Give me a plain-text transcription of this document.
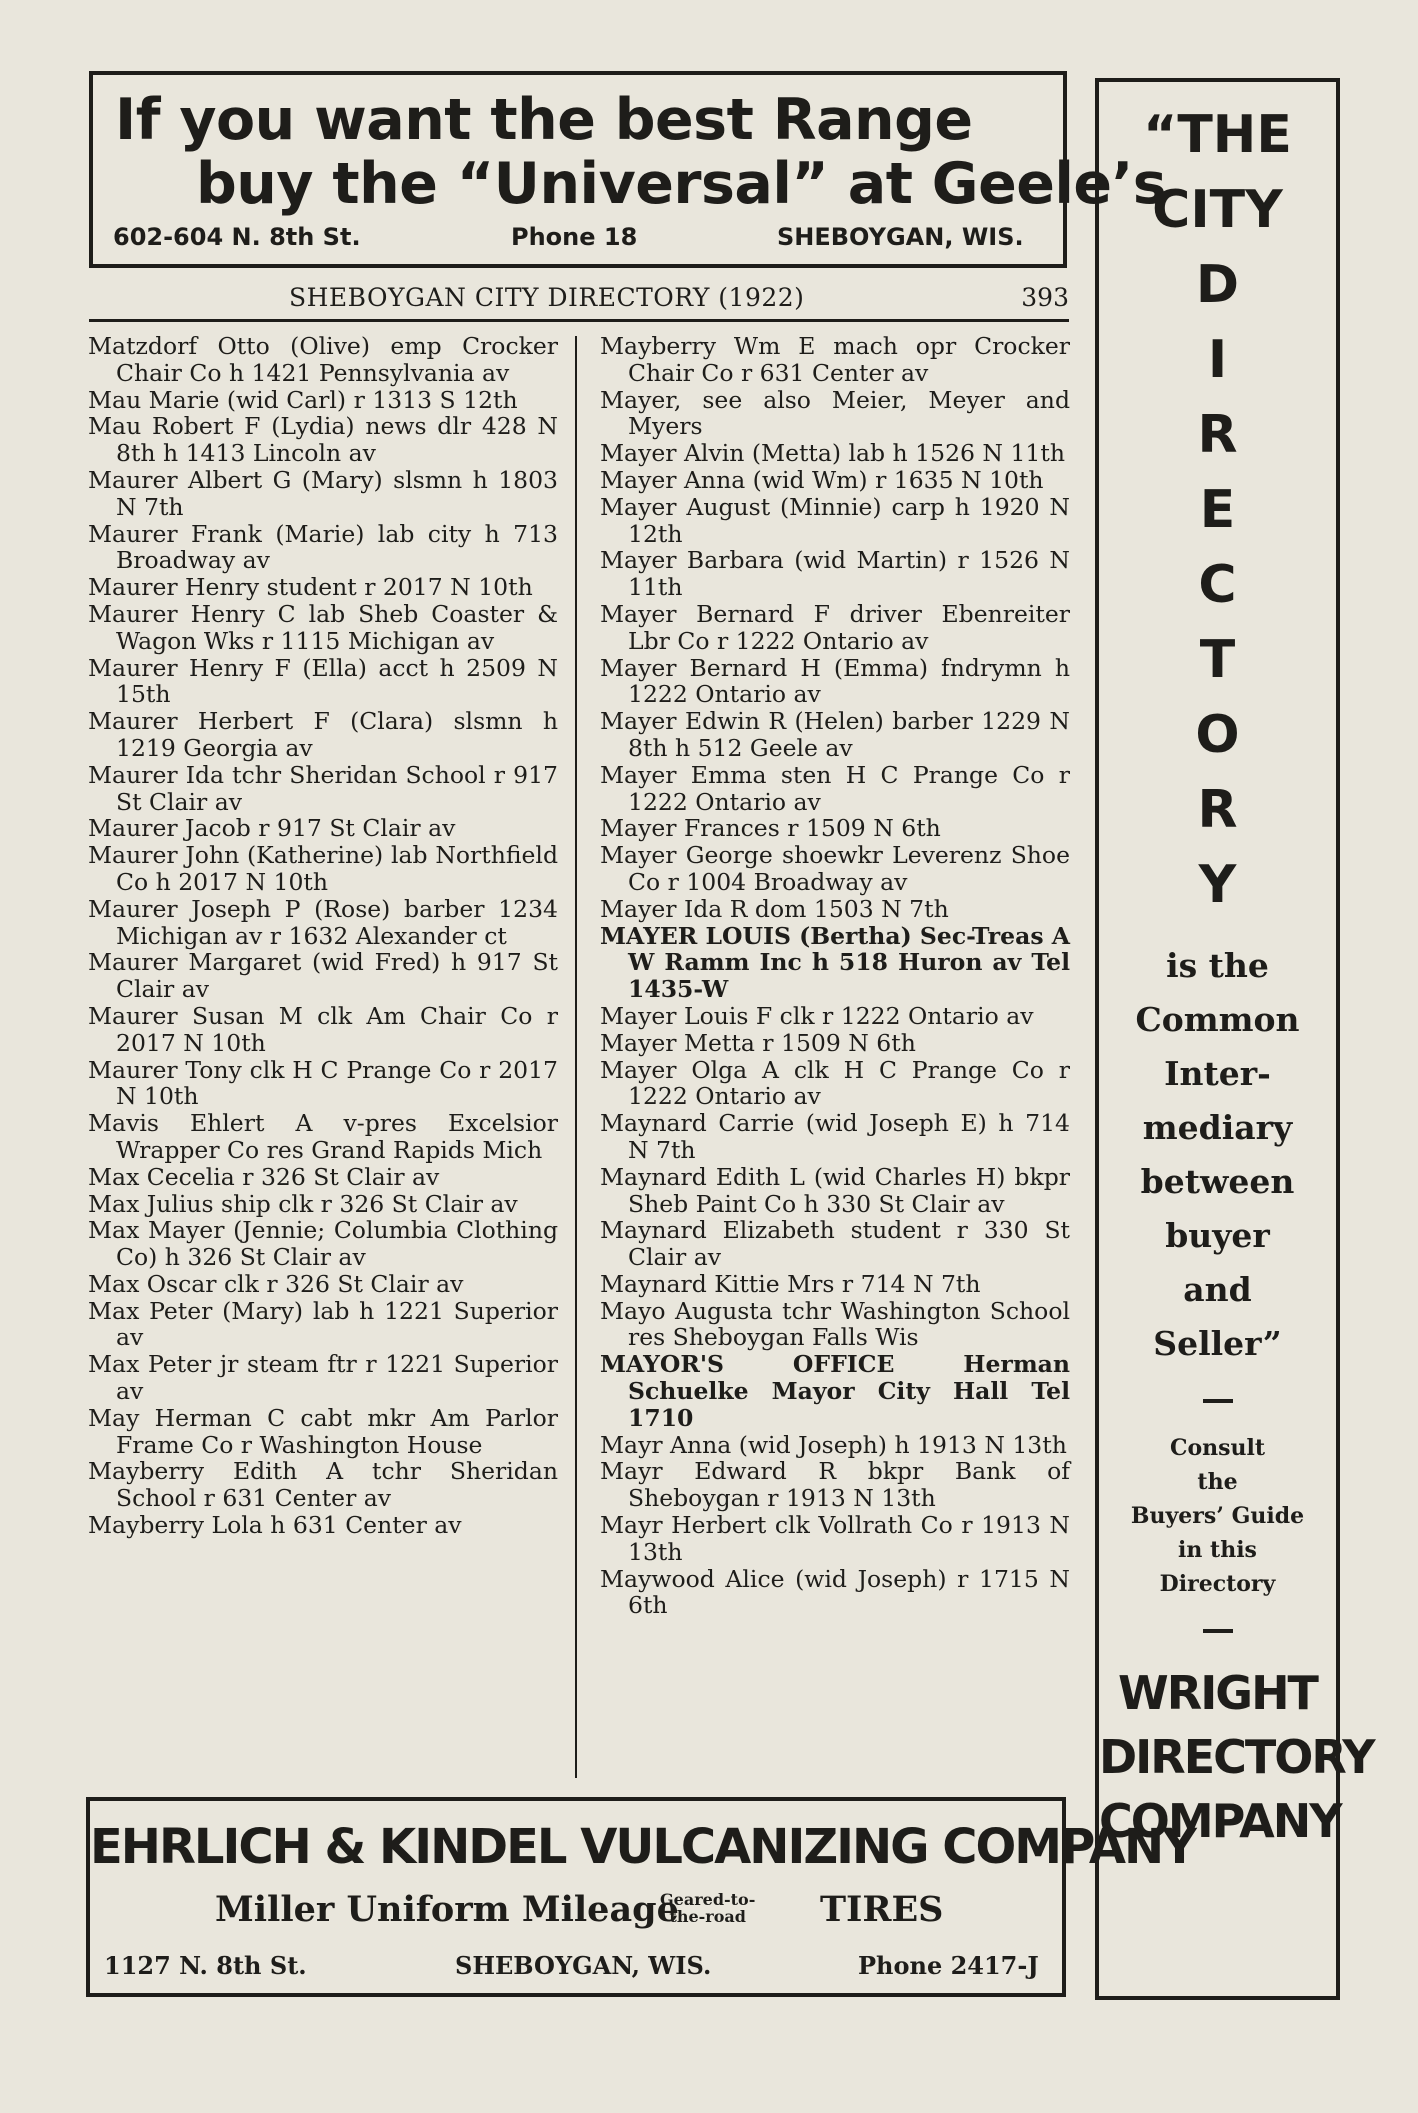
If you want the best Range
buy the “Universal” at Geele’s
602-604 N. 8th St.	Phone 18	SHEBOYGAN, WIS.
SHEBOYGAN CITY DIRECTORY (1922)	393

Matzdorf Otto (Olive) emp Crocker Chair Co h 1421 Pennsylvania av

Mau Marie (wid Carl) r 1313 S 12th

Mau Robert F (Lydia) news dlr 428 N 8th h 1413 Lincoln av

Maurer Albert G (Mary) slsmn h 1803 N 7th

Maurer Frank (Marie) lab city h 713 Broadway av

Maurer Henry student r 2017 N 10th

Maurer Henry C lab Sheb Coaster & Wagon Wks r 1115 Michigan av

Maurer Henry F (Ella) acct h 2509 N 15th

Maurer Herbert F (Clara) slsmn h 1219 Georgia av

Maurer Ida tchr Sheridan School r 917 St Clair av

Maurer Jacob r 917 St Clair av

Maurer John (Katherine) lab Northfield Co h 2017 N 10th

Maurer Joseph P (Rose) barber 1234 Michigan av r 1632 Alexander ct

Maurer Margaret (wid Fred) h 917 St Clair av

Maurer Susan M clk Am Chair Co r 2017 N 10th

Maurer Tony clk H C Prange Co r 2017 N 10th

Mavis Ehlert A v-pres Excelsior Wrapper Co res Grand Rapids Mich

Max Cecelia r 326 St Clair av

Max Julius ship clk r 326 St Clair av

Max Mayer (Jennie; Columbia Clothing Co) h 326 St Clair av

Max Oscar clk r 326 St Clair av

Max Peter (Mary) lab h 1221 Superior av

Max Peter jr steam ftr r 1221 Superior av

May Herman C cabt mkr Am Parlor Frame Co r Washington House

Mayberry Edith A tchr Sheridan School r 631 Center av

Mayberry Lola h 631 Center av

Mayberry Wm E mach opr Crocker Chair Co r 631 Center av

Mayer, see also Meier, Meyer and Myers

Mayer Alvin (Metta) lab h 1526 N 11th

Mayer Anna (wid Wm) r 1635 N 10th

Mayer August (Minnie) carp h 1920 N 12th

Mayer Barbara (wid Martin) r 1526 N 11th

Mayer Bernard F driver Ebenreiter Lbr Co r 1222 Ontario av

Mayer Bernard H (Emma) fndrymn h 1222 Ontario av

Mayer Edwin R (Helen) barber 1229 N 8th h 512 Geele av

Mayer Emma sten H C Prange Co r 1222 Ontario av

Mayer Frances r 1509 N 6th

Mayer George shoewkr Leverenz Shoe Co r 1004 Broadway av

Mayer Ida R dom 1503 N 7th

MAYER LOUIS (Bertha) Sec-Treas A W Ramm Inc h 518 Huron av Tel 1435-W

Mayer Louis F clk r 1222 Ontario av

Mayer Metta r 1509 N 6th

Mayer Olga A clk H C Prange Co r 1222 Ontario av

Maynard Carrie (wid Joseph E) h 714 N 7th

Maynard Edith L (wid Charles H) bkpr Sheb Paint Co h 330 St Clair av

Maynard Elizabeth student r 330 St Clair av

Maynard Kittie Mrs r 714 N 7th

Mayo Augusta tchr Washington School res Sheboygan Falls Wis

MAYOR'S OFFICE Herman Schuelke Mayor City Hall Tel 1710

Mayr Anna (wid Joseph) h 1913 N 13th

Mayr Edward R bkpr Bank of Sheboygan r 1913 N 13th

Mayr Herbert clk Vollrath Co r 1913 N 13th

Maywood Alice (wid Joseph) r 1715 N 6th

“THE
CITY
D
I
R
E
C
T
O
R
Y
is the
Common
Inter-
mediary
between
buyer
and
Seller”
Consult
the
Buyers’ Guide
in this
Directory
WRIGHT
DIRECTORY
COMPANY
EHRLICH & KINDEL VULCANIZING COMPANY
Miller Uniform Mileage
Geared-to-
the-road TIRES
1127 N. 8th St.	SHEBOYGAN, WIS.	Phone 2417-J
